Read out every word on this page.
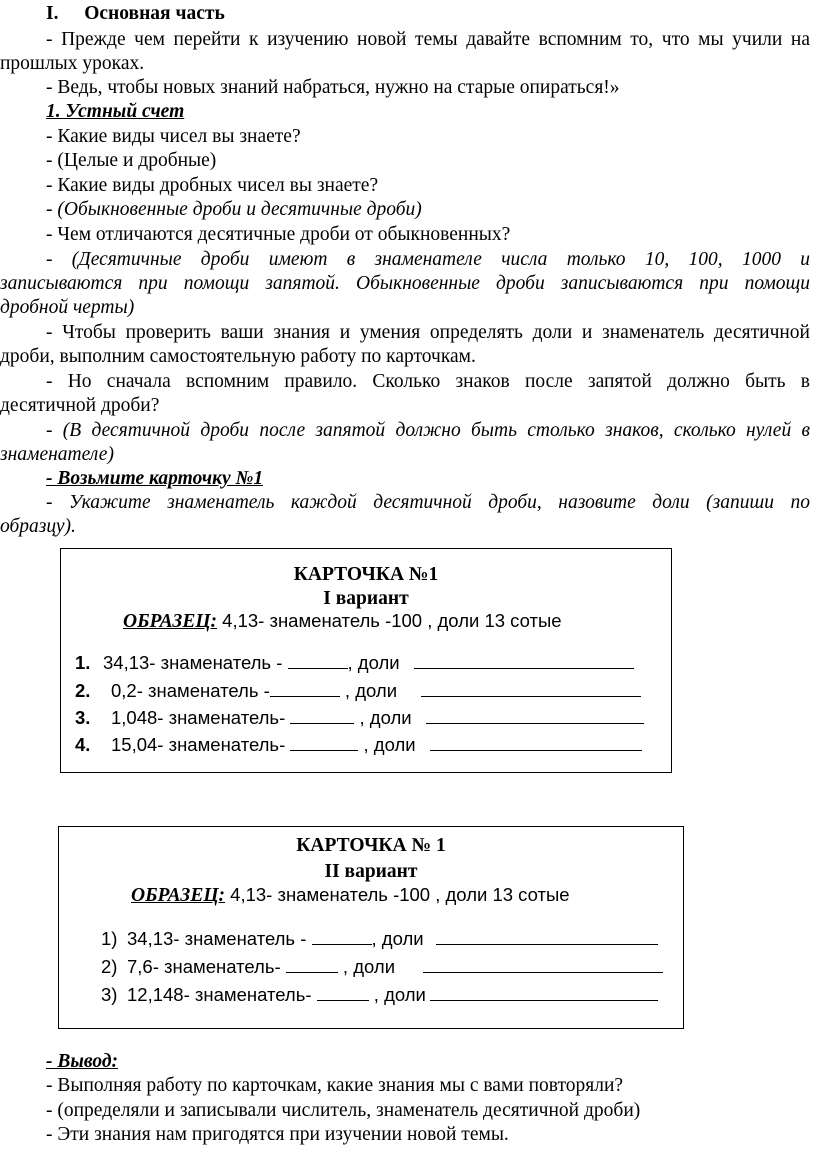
I. Основная часть
- Прежде чем перейти к изучению новой темы давайте вспомним то, что мы учили на
прошлых уроках.
- Ведь, чтобы новых знаний набраться, нужно на старые опираться!»
1. Устный счет
- Какие виды чисел вы знаете?
- (Целые и дробные)
- Какие виды дробных чисел вы знаете?
- (Обыкновенные дроби и десятичные дроби)
- Чем отличаются десятичные дроби от обыкновенных?
- (Десятичные дроби имеют в знаменателе числа только 10, 100, 1000 и
записываются при помощи запятой. Обыкновенные дроби записываются при помощи
дробной черты)
- Чтобы проверить ваши знания и умения определять доли и знаменатель десятичной
дроби, выполним самостоятельную работу по карточкам.
- Но сначала вспомним правило. Сколько знаков после запятой должно быть в
десятичной дроби?
- (В десятичной дроби после запятой должно быть столько знаков, сколько нулей в
знаменателе)
- Возьмите карточку №1
- Укажите знаменатель каждой десятичной дроби, назовите доли (запиши по
образцу).
КАРТОЧКА №1
I вариант
ОБРАЗЕЦ: 4,13- знаменатель -100 , доли 13 сотые
1. 34,13- знаменатель -	, доли
2. 0,2- знаменатель -	, доли
3. 1,048- знаменатель-	, доли
4. 15,04- знаменатель-	, доли
КАРТОЧКА № 1
II вариант
ОБРАЗЕЦ: 4,13- знаменатель -100 , доли 13 сотые
1) 34,13- знаменатель -	, доли
2) 7,6- знаменатель-	, доли
3) 12,148- знаменатель-	, доли
- Вывод:
- Выполняя работу по карточкам, какие знания мы с вами повторяли?
- (определяли и записывали числитель, знаменатель десятичной дроби)
- Эти знания нам пригодятся при изучении новой темы.
